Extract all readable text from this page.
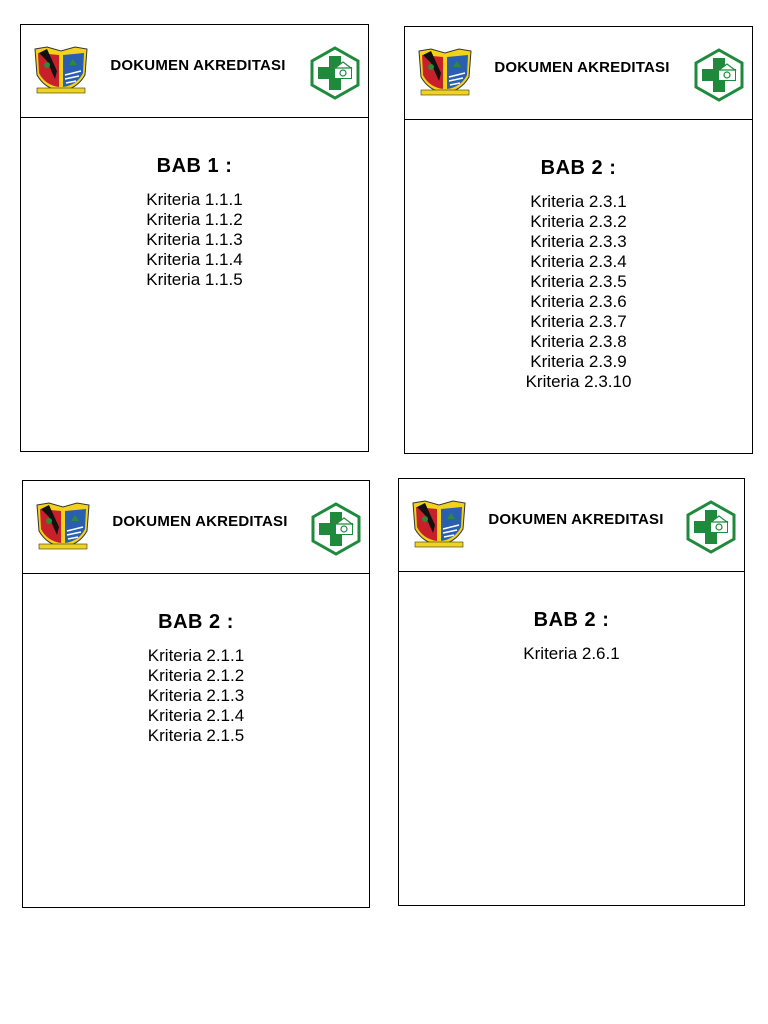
DOKUMEN AKREDITASI
BAB 1 :
Kriteria 1.1.1
Kriteria 1.1.2
Kriteria 1.1.3
Kriteria 1.1.4
Kriteria 1.1.5
DOKUMEN AKREDITASI
BAB 2 :
Kriteria 2.3.1
Kriteria 2.3.2
Kriteria 2.3.3
Kriteria 2.3.4
Kriteria 2.3.5
Kriteria 2.3.6
Kriteria 2.3.7
Kriteria 2.3.8
Kriteria 2.3.9
Kriteria 2.3.10
DOKUMEN AKREDITASI
BAB 2 :
Kriteria 2.1.1
Kriteria 2.1.2
Kriteria 2.1.3
Kriteria 2.1.4
Kriteria 2.1.5
DOKUMEN AKREDITASI
BAB 2 :
Kriteria 2.6.1
